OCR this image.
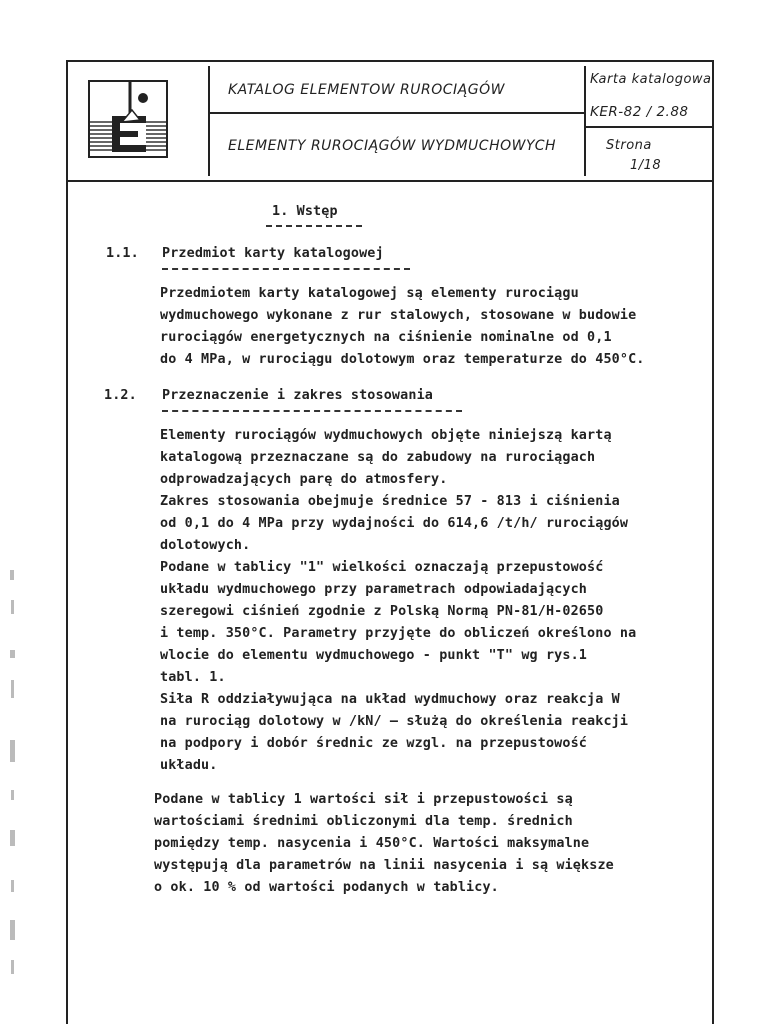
KATALOG ELEMENTOW RUROCIĄGÓW
ELEMENTY RUROCIĄGÓW WYDMUCHOWYCH
Karta katalogowa
KER-82 / 2.88
Strona
1/18
1. Wstęp
1.1. Przedmiot karty katalogowej
Przedmiotem karty katalogowej są elementy rurociągu
wydmuchowego wykonane z rur stalowych, stosowane w budowie
rurociągów energetycznych na ciśnienie nominalne od 0,1
do 4 MPa, w rurociągu dolotowym oraz temperaturze do 450°C.
1.2. Przeznaczenie i zakres stosowania
Elementy rurociągów wydmuchowych objęte niniejszą kartą
katalogową przeznaczane są do zabudowy na rurociągach
odprowadzających parę do atmosfery.
Zakres stosowania obejmuje średnice 57 - 813 i ciśnienia
od 0,1 do 4 MPa przy wydajności do 614,6 /t/h/ rurociągów
dolotowych.
Podane w tablicy "1" wielkości oznaczają przepustowość
układu wydmuchowego przy parametrach odpowiadających
szeregowi ciśnień zgodnie z Polską Normą PN-81/H-02650
i temp. 350°C. Parametry przyjęte do obliczeń określono na
wlocie do elementu wydmuchowego - punkt "T" wg rys.1
tabl. 1.
Siła R oddziaływująca na układ wydmuchowy oraz reakcja W
na rurociąg dolotowy w /kN/ — służą do określenia reakcji
na podpory i dobór średnic ze wzgl. na przepustowość
układu.
Podane w tablicy 1 wartości sił i przepustowości są
wartościami średnimi obliczonymi dla temp. średnich
pomiędzy temp. nasycenia i 450°C. Wartości maksymalne
występują dla parametrów na linii nasycenia i są większe
o ok. 10 % od wartości podanych w tablicy.
